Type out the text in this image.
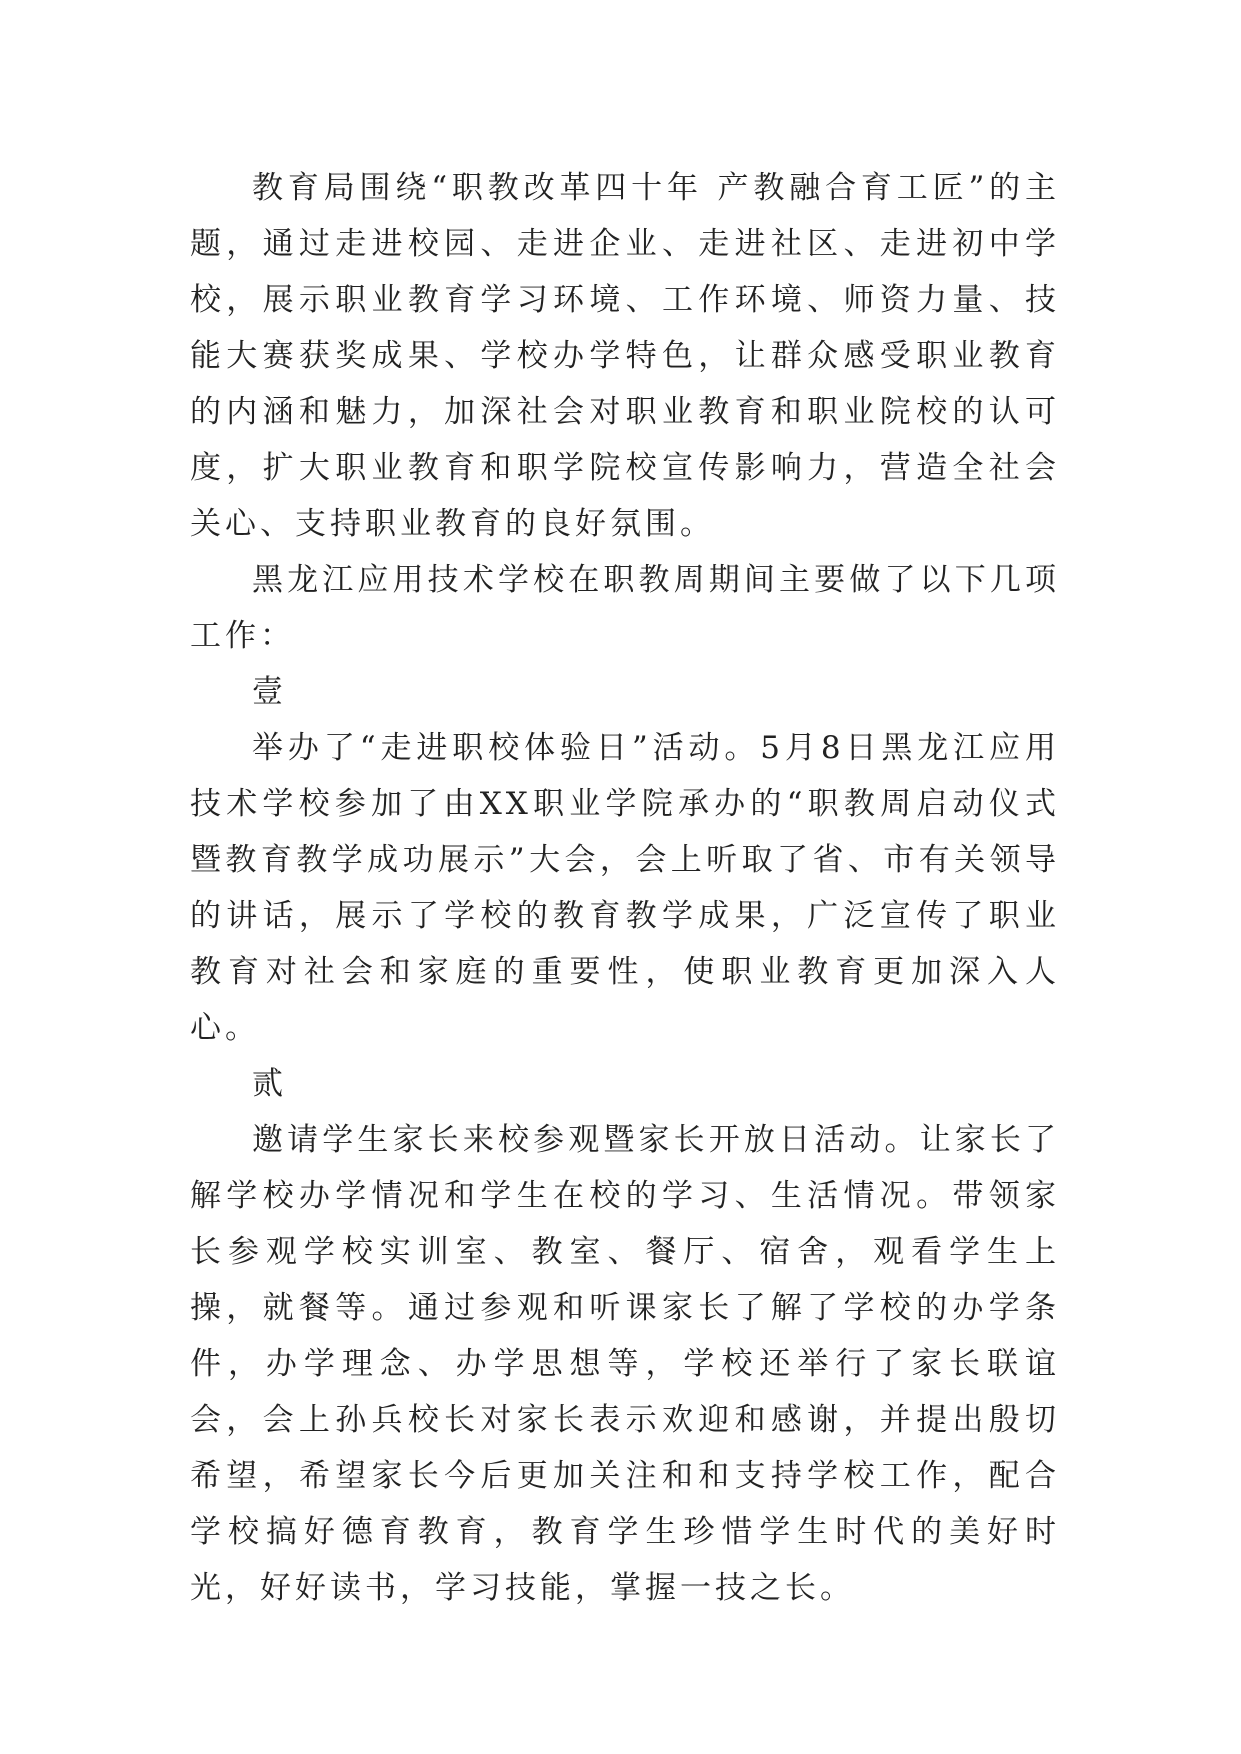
教育局围绕“职教改革四十年 产教融合育工匠”的主题，通过走进校园、走进企业、走进社区、走进初中学校，展示职业教育学习环境、工作环境、师资力量、技能大赛获奖成果、学校办学特色，让群众感受职业教育的内涵和魅力，加深社会对职业教育和职业院校的认可度，扩大职业教育和职学院校宣传影响力，营造全社会关心、支持职业教育的良好氛围。

黑龙江应用技术学校在职教周期间主要做了以下几项工作：

壹

举办了“走进职校体验日”活动。5月8日黑龙江应用技术学校参加了由XX职业学院承办的“职教周启动仪式暨教育教学成功展示”大会，会上听取了省、市有关领导的讲话，展示了学校的教育教学成果，广泛宣传了职业教育对社会和家庭的重要性，使职业教育更加深入人心。

贰

邀请学生家长来校参观暨家长开放日活动。让家长了解学校办学情况和学生在校的学习、生活情况。带领家长参观学校实训室、教室、餐厅、宿舍，观看学生上操，就餐等。通过参观和听课家长了解了学校的办学条件，办学理念、办学思想等，学校还举行了家长联谊会，会上孙兵校长对家长表示欢迎和感谢，并提出殷切希望，希望家长今后更加关注和和支持学校工作，配合学校搞好德育教育，教育学生珍惜学生时代的美好时光，好好读书，学习技能，掌握一技之长。
